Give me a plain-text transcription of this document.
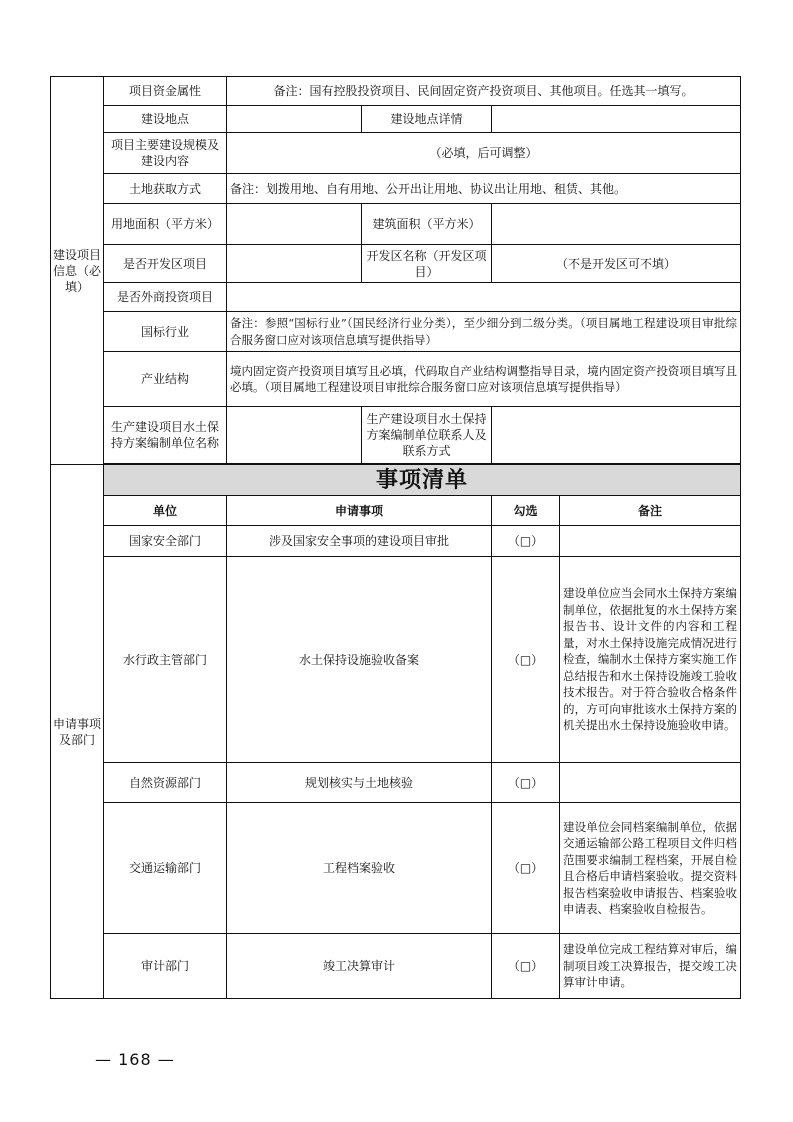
建设项目信息（必填）	项目资金属性	备注：国有控股投资项目、民间固定资产投资项目、其他项目。任选其一填写。			
	建设地点		建设地点详情		
	项目主要建设规模及建设内容	（必填，后可调整）			
	土地获取方式	备注：划拨用地、自有用地、公开出让用地、协议出让用地、租赁、其他。			
	用地面积（平方米）		建筑面积（平方米）		
	是否开发区项目		开发区名称（开发区项目）	（不是开发区可不填）	
	是否外商投资项目				
	国标行业	备注：参照“国标行业”（国民经济行业分类），至少细分到二级分类。（项目属地工程建设项目审批综合服务窗口应对该项信息填写提供指导）			
	产业结构	境内固定资产投资项目填写且必填，代码取自产业结构调整指导目录，境内固定资产投资项目填写且必填。（项目属地工程建设项目审批综合服务窗口应对该项信息填写提供指导）			
	生产建设项目水土保持方案编制单位名称		生产建设项目水土保持方案编制单位联系人及联系方式		

申请事项及部门	事项清单				
	单位	申请事项		勾选	备注
	国家安全部门	涉及国家安全事项的建设项目审批		（□）	
	水行政主管部门	水土保持设施验收备案		（□）	建设单位应当会同水土保持方案编制单位，依据批复的水土保持方案报告书、设计文件的内容和工程量，对水土保持设施完成情况进行检查，编制水土保持方案实施工作总结报告和水土保持设施竣工验收技术报告。对于符合验收合格条件的，方可向审批该水土保持方案的机关提出水土保持设施验收申请。
	自然资源部门	规划核实与土地核验		（□）	
	交通运输部门	工程档案验收		（□）	建设单位会同档案编制单位，依据交通运输部公路工程项目文件归档范围要求编制工程档案，开展自检且合格后申请档案验收。提交资料报告档案验收申请报告、档案验收申请表、档案验收自检报告。
	审计部门	竣工决算审计		（□）	建设单位完成工程结算对审后，编制项目竣工决算报告，提交竣工决算审计申请。
— 168 —
